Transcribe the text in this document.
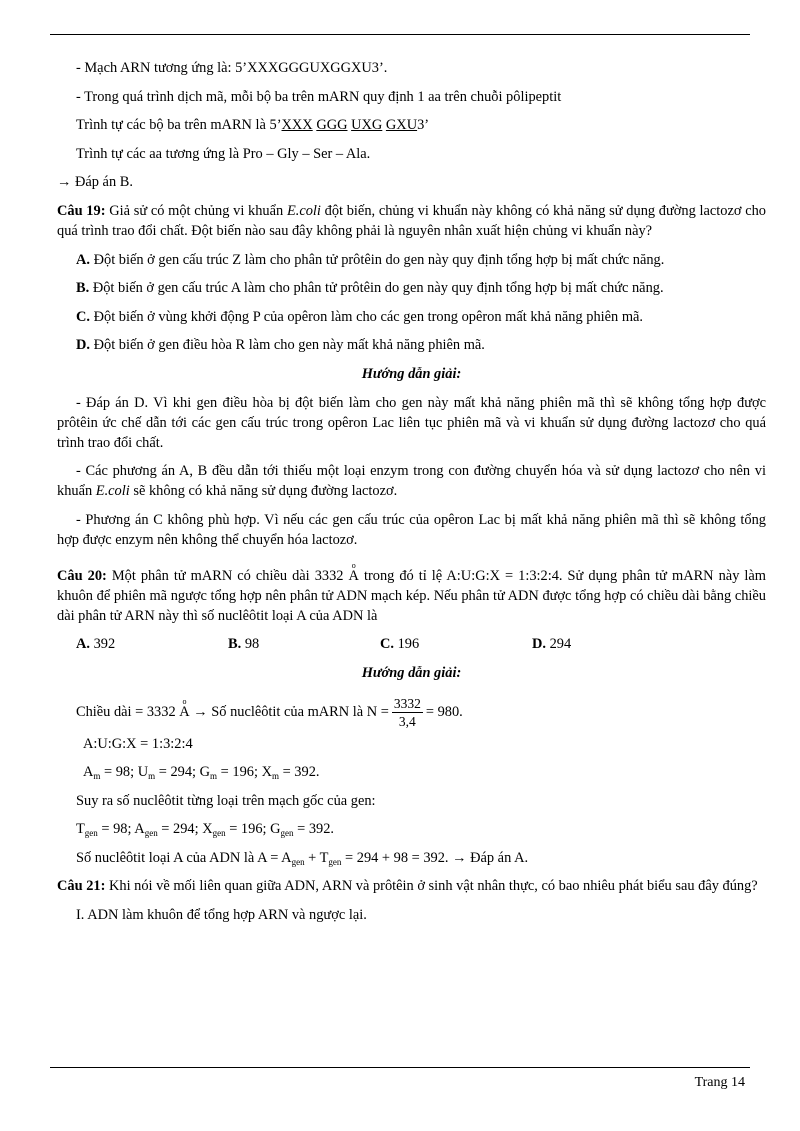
- Mạch ARN tương ứng là: 5’XXXGGGUXGGXU3’.
- Trong quá trình dịch mã, mỗi bộ ba trên mARN quy định 1 aa trên chuỗi pôlipeptit
Trình tự các bộ ba trên mARN là 5’XXX GGG UXG GXU3’
Trình tự các aa tương ứng là Pro – Gly – Ser – Ala.
→ Đáp án B.
Câu 19: Giả sử có một chủng vi khuẩn E.coli đột biến, chủng vi khuẩn này không có khả năng sử dụng đường lactozơ cho quá trình trao đổi chất. Đột biến nào sau đây không phải là nguyên nhân xuất hiện chủng vi khuẩn này?
A. Đột biến ở gen cấu trúc Z làm cho phân tử prôtêin do gen này quy định tổng hợp bị mất chức năng.
B. Đột biến ở gen cấu trúc A làm cho phân tử prôtêin do gen này quy định tổng hợp bị mất chức năng.
C. Đột biến ở vùng khởi động P của opêron làm cho các gen trong opêron mất khả năng phiên mã.
D. Đột biến ở gen điều hòa R làm cho gen này mất khả năng phiên mã.
Hướng dẫn giải:
- Đáp án D. Vì khi gen điều hòa bị đột biến làm cho gen này mất khả năng phiên mã thì sẽ không tổng hợp được prôtêin ức chế dẫn tới các gen cấu trúc trong opêron Lac liên tục phiên mã và vi khuẩn sử dụng đường lactozơ cho quá trình trao đổi chất.
- Các phương án A, B đều dẫn tới thiếu một loại enzym trong con đường chuyển hóa và sử dụng lactozơ cho nên vi khuẩn E.coli sẽ không có khả năng sử dụng đường lactozơ.
- Phương án C không phù hợp. Vì nếu các gen cấu trúc của opêron Lac bị mất khả năng phiên mã thì sẽ không tổng hợp được enzym nên không thể chuyển hóa lactozơ.
Câu 20: Một phân tử mARN có chiều dài 3332 o A trong đó tỉ lệ A:U:G:X = 1:3:2:4. Sử dụng phân tử mARN này làm khuôn để phiên mã ngược tổng hợp nên phân tử ADN mạch kép. Nếu phân tử ADN được tổng hợp có chiều dài bằng chiều dài phân tử ARN này thì số nuclêôtit loại A của ADN là
A. 392	B. 98	C. 196	D. 294
Hướng dẫn giải:
Chiều dài = 3332 o A → Số nuclêôtit của mARN là $N = \frac{3332}{3,4} = 980$.
A:U:G:X = 1:3:2:4
$A_m = 98$; $U_m = 294$; $G_m = 196$; $X_m = 392$.
Suy ra số nuclêôtit từng loại trên mạch gốc của gen:
$T_{gen} = 98$; $A_{gen} = 294$; $X_{gen} = 196$; $G_{gen} = 392$.
Số nuclêôtit loại A của ADN là $A = A_{gen} + T_{gen} = 294 + 98 = 392$. → Đáp án A.
Câu 21: Khi nói về mối liên quan giữa ADN, ARN và prôtêin ở sinh vật nhân thực, có bao nhiêu phát biểu sau đây đúng?
I. ADN làm khuôn để tổng hợp ARN và ngược lại.
Trang 14
